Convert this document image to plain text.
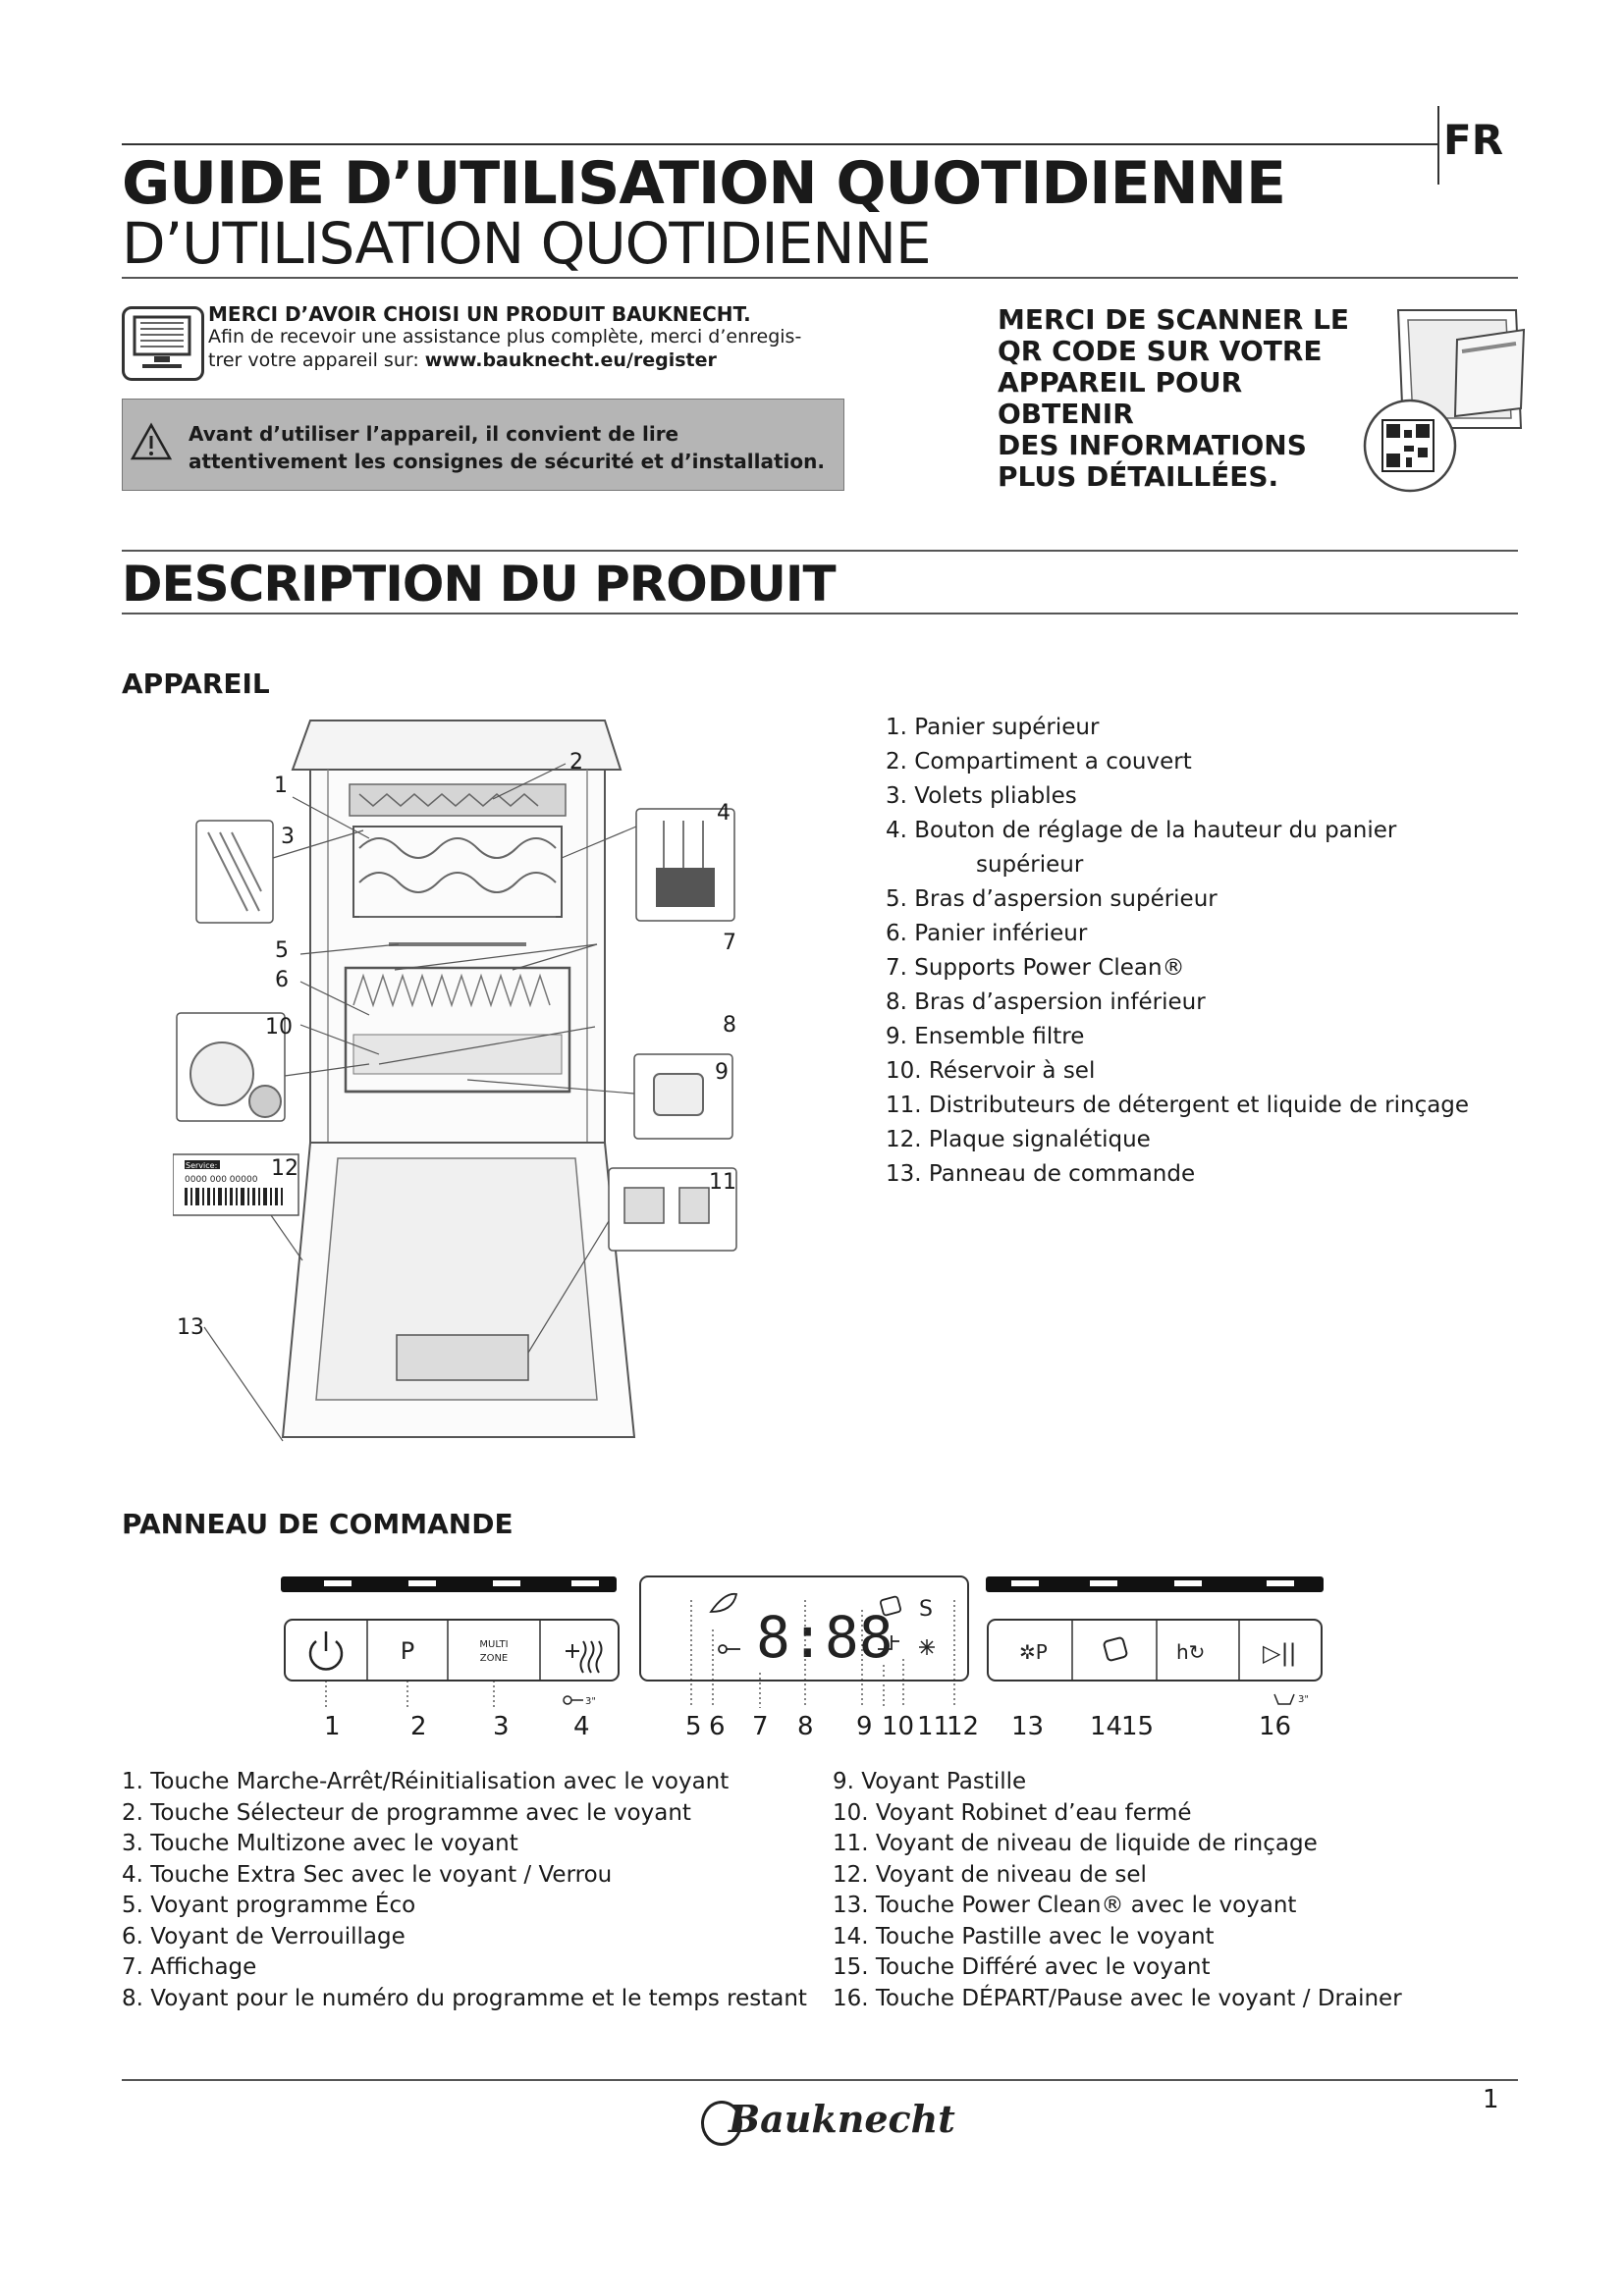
FR
GUIDE D’UTILISATION QUOTIDIENNE
D’UTILISATION QUOTIDIENNE
MERCI D’AVOIR CHOISI UN PRODUIT BAUKNECHT.
Afin de recevoir une assistance plus complète, merci d’enregis-
trer votre appareil sur: www.bauknecht.eu/register
Avant d’utiliser l’appareil, il convient de lire attentivement les consignes de sécurité et d’installation.
MERCI DE SCANNER LE
QR CODE SUR VOTRE
APPAREIL POUR OBTENIR
DES INFORMATIONS
PLUS DÉTAILLÉES.
DESCRIPTION DU PRODUIT
APPAREIL
Service:
0000 000 00000
1
2
3
4
5
6
7
8
9
10
11
12
13
1. Panier supérieur
2. Compartiment a couvert
3. Volets pliables
4. Bouton de réglage de la hauteur du panier
supérieur
5. Bras d’aspersion supérieur
6. Panier inférieur
7. Supports Power Clean®
8. Bras d’aspersion inférieur
9. Ensemble filtre
10. Réservoir à sel
11. Distributeurs de détergent et liquide de rinçage
12. Plaque signalétique
13. Panneau de commande
PANNEAU DE COMMANDE
P	MULTI
ZONE
3"
8:88 S
✲P	h↻ ▷||
3"
1	2	3	4	5 6 7 8 9 10 11
12 13 14
15	16
1. Touche Marche-Arrêt/Réinitialisation avec le voyant
2. Touche Sélecteur de programme avec le voyant
3. Touche Multizone avec le voyant
4. Touche Extra Sec avec le voyant / Verrou
5. Voyant programme Éco
6. Voyant de Verrouillage
7. Affichage
8. Voyant pour le numéro du programme et le temps restant
9. Voyant Pastille
10. Voyant Robinet d’eau fermé
11. Voyant de niveau de liquide de rinçage
12. Voyant de niveau de sel
13. Touche Power Clean® avec le voyant
14. Touche Pastille avec le voyant
15. Touche Différé avec le voyant
16. Touche DÉPART/Pause avec le voyant / Drainer
1
Bauknecht
